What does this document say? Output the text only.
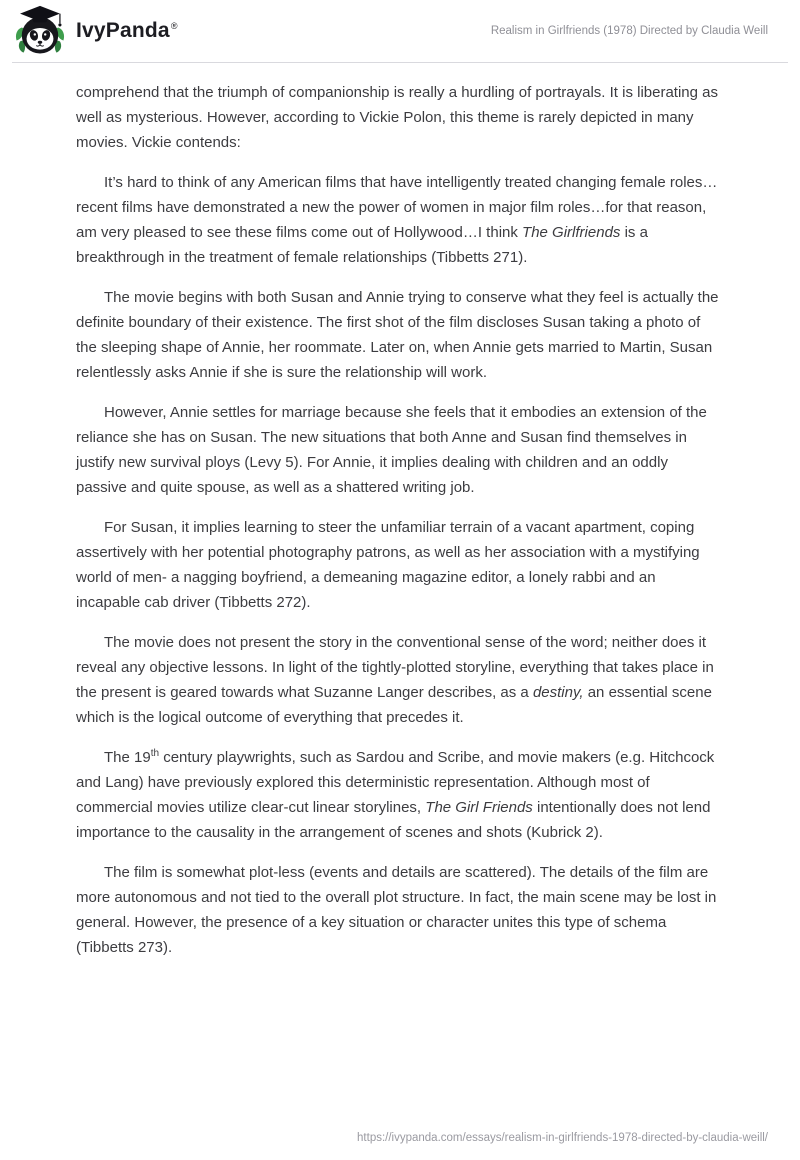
IvyPanda®	Realism in Girlfriends (1978) Directed by Claudia Weill

comprehend that the triumph of companionship is really a hurdling of portrayals. It is liberating as well as mysterious. However, according to Vickie Polon, this theme is rarely depicted in many movies. Vickie contends:

It’s hard to think of any American films that have intelligently treated changing female roles…recent films have demonstrated a new the power of women in major film roles…for that reason, am very pleased to see these films come out of Hollywood…I think The Girlfriends is a breakthrough in the treatment of female relationships (Tibbetts 271).

The movie begins with both Susan and Annie trying to conserve what they feel is actually the definite boundary of their existence. The first shot of the film discloses Susan taking a photo of the sleeping shape of Annie, her roommate. Later on, when Annie gets married to Martin, Susan relentlessly asks Annie if she is sure the relationship will work.

However, Annie settles for marriage because she feels that it embodies an extension of the reliance she has on Susan. The new situations that both Anne and Susan find themselves in justify new survival ploys (Levy 5). For Annie, it implies dealing with children and an oddly passive and quite spouse, as well as a shattered writing job.

For Susan, it implies learning to steer the unfamiliar terrain of a vacant apartment, coping assertively with her potential photography patrons, as well as her association with a mystifying world of men- a nagging boyfriend, a demeaning magazine editor, a lonely rabbi and an incapable cab driver (Tibbetts 272).

The movie does not present the story in the conventional sense of the word; neither does it reveal any objective lessons. In light of the tightly-plotted storyline, everything that takes place in the present is geared towards what Suzanne Langer describes, as a destiny, an essential scene which is the logical outcome of everything that precedes it.

The 19th century playwrights, such as Sardou and Scribe, and movie makers (e.g. Hitchcock and Lang) have previously explored this deterministic representation. Although most of commercial movies utilize clear-cut linear storylines, The Girl Friends intentionally does not lend importance to the causality in the arrangement of scenes and shots (Kubrick 2).

The film is somewhat plot-less (events and details are scattered). The details of the film are more autonomous and not tied to the overall plot structure. In fact, the main scene may be lost in general. However, the presence of a key situation or character unites this type of schema (Tibbetts 273).

https://ivypanda.com/essays/realism-in-girlfriends-1978-directed-by-claudia-weill/
